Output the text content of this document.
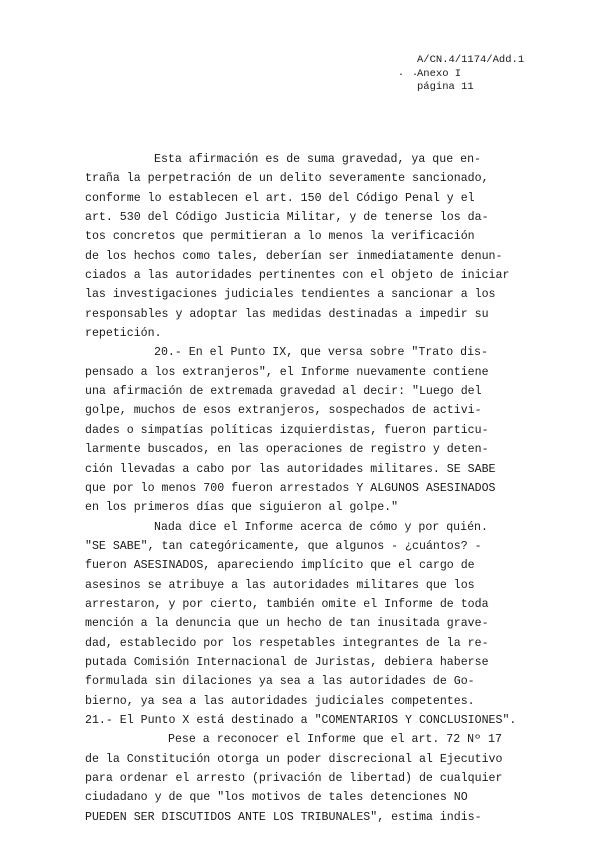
. .
A/CN.4/1174/Add.1
Anexo I
página 11
Esta afirmación es de suma gravedad, ya que en-
traña la perpetración de un delito severamente sancionado,
conforme lo establecen el art. 150 del Código Penal y el
art. 530 del Código Justicia Militar, y de tenerse los da-
tos concretos que permitieran a lo menos la verificación
de los hechos como tales, deberían ser inmediatamente denun-
ciados a las autoridades pertinentes con el objeto de iniciar
las investigaciones judiciales tendientes a sancionar a los
responsables y adoptar las medidas destinadas a impedir su
repetición.
20.- En el Punto IX, que versa sobre "Trato dis-
pensado a los extranjeros", el Informe nuevamente contiene
una afirmación de extremada gravedad al decir: "Luego del
golpe, muchos de esos extranjeros, sospechados de activi-
dades o simpatías políticas izquierdistas, fueron particu-
larmente buscados, en las operaciones de registro y deten-
ción llevadas a cabo por las autoridades militares. SE SABE
que por lo menos 700 fueron arrestados Y ALGUNOS ASESINADOS
en los primeros días que siguieron al golpe."
Nada dice el Informe acerca de cómo y por quién.
"SE SABE", tan categóricamente, que algunos - ¿cuántos? -
fueron ASESINADOS, apareciendo implícito que el cargo de
asesinos se atribuye a las autoridades militares que los
arrestaron, y por cierto, también omite el Informe de toda
mención a la denuncia que un hecho de tan inusitada grave-
dad, establecido por los respetables integrantes de la re-
putada Comisión Internacional de Juristas, debiera haberse
formulada sin dilaciones ya sea a las autoridades de Go-
bierno, ya sea a las autoridades judiciales competentes.
21.- El Punto X está destinado a "COMENTARIOS Y CONCLUSIONES".
Pese a reconocer el Informe que el art. 72 Nº 17
de la Constitución otorga un poder discrecional al Ejecutivo
para ordenar el arresto (privación de libertad) de cualquier
ciudadano y de que "los motivos de tales detenciones NO
PUEDEN SER DISCUTIDOS ANTE LOS TRIBUNALES", estima indis-
